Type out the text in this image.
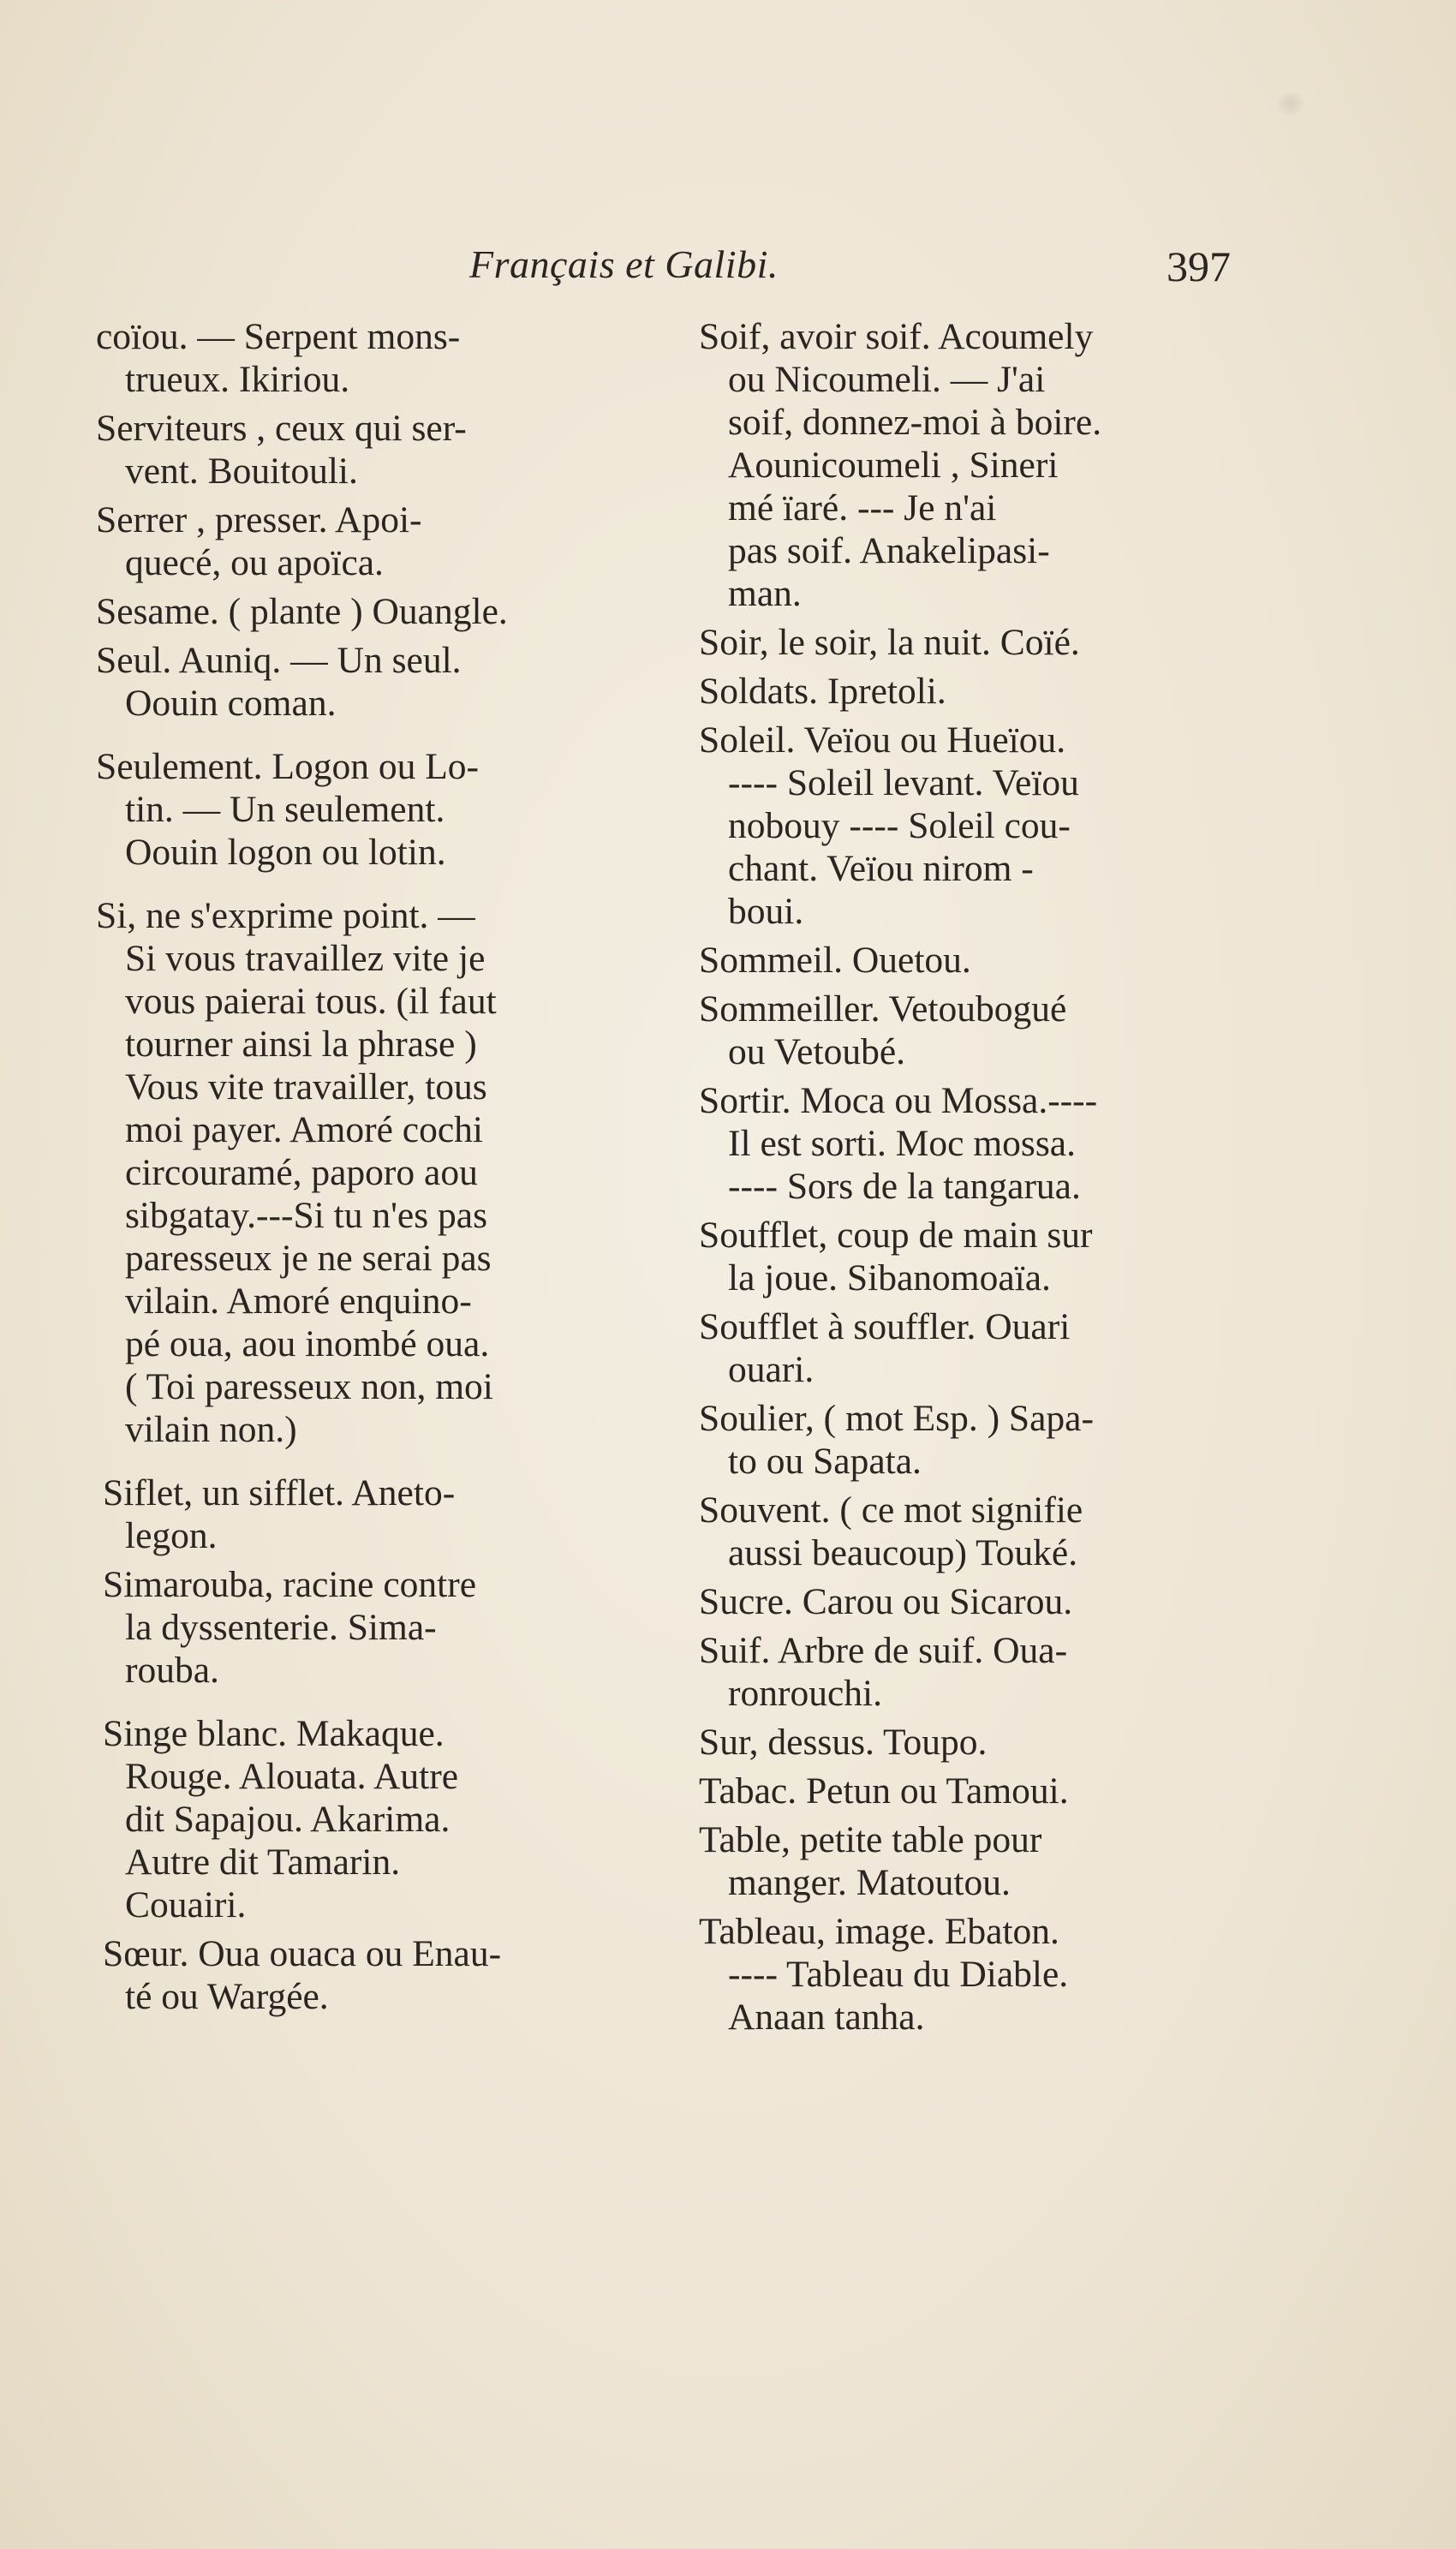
Français et Galibi.	397
coïou. — Serpent mons-
trueux. Ikiriou.
Serviteurs , ceux qui ser-
vent. Bouitouli.
Serrer , presser. Apoi-
quecé, ou apoïca.
Sesame. ( plante ) Ouangle.
Seul. Auniq. — Un seul.
Oouin coman.
Seulement. Logon ou Lo-
tin. — Un seulement.
Oouin logon ou lotin.
Si, ne s'exprime point. —
Si vous travaillez vite je
vous paierai tous. (il faut
tourner ainsi la phrase )
Vous vite travailler, tous
moi payer. Amoré cochi
circouramé, paporo aou
sibgatay.---Si tu n'es pas
paresseux je ne serai pas
vilain. Amoré enquino-
pé oua, aou inombé oua.
( Toi paresseux non, moi
vilain non.)
Siflet, un sifflet. Aneto-
legon.
Simarouba, racine contre
la dyssenterie. Sima-
rouba.
Singe blanc. Makaque.
Rouge. Alouata. Autre
dit Sapajou. Akarima.
Autre dit Tamarin.
Couairi.
Sœur. Oua ouaca ou Enau-
té ou Wargée.
Soif, avoir soif. Acoumely
ou Nicoumeli. — J'ai
soif, donnez-moi à boire.
Aounicoumeli , Sineri
mé ïaré. --- Je n'ai
pas soif. Anakelipasi-
man.
Soir, le soir, la nuit. Coïé.
Soldats. Ipretoli.
Soleil. Veïou ou Hueïou.
---- Soleil levant. Veïou
nobouy ---- Soleil cou-
chant. Veïou nirom -
boui.
Sommeil. Ouetou.
Sommeiller. Vetoubogué
ou Vetoubé.
Sortir. Moca ou Mossa.----
Il est sorti. Moc mossa.
---- Sors de la tangarua.
Soufflet, coup de main sur
la joue. Sibanomoaïa.
Soufflet à souffler. Ouari
ouari.
Soulier, ( mot Esp. ) Sapa-
to ou Sapata.
Souvent. ( ce mot signifie
aussi beaucoup) Touké.
Sucre. Carou ou Sicarou.
Suif. Arbre de suif. Oua-
ronrouchi.
Sur, dessus. Toupo.
Tabac. Petun ou Tamoui.
Table, petite table pour
manger. Matoutou.
Tableau, image. Ebaton.
---- Tableau du Diable.
Anaan tanha.
